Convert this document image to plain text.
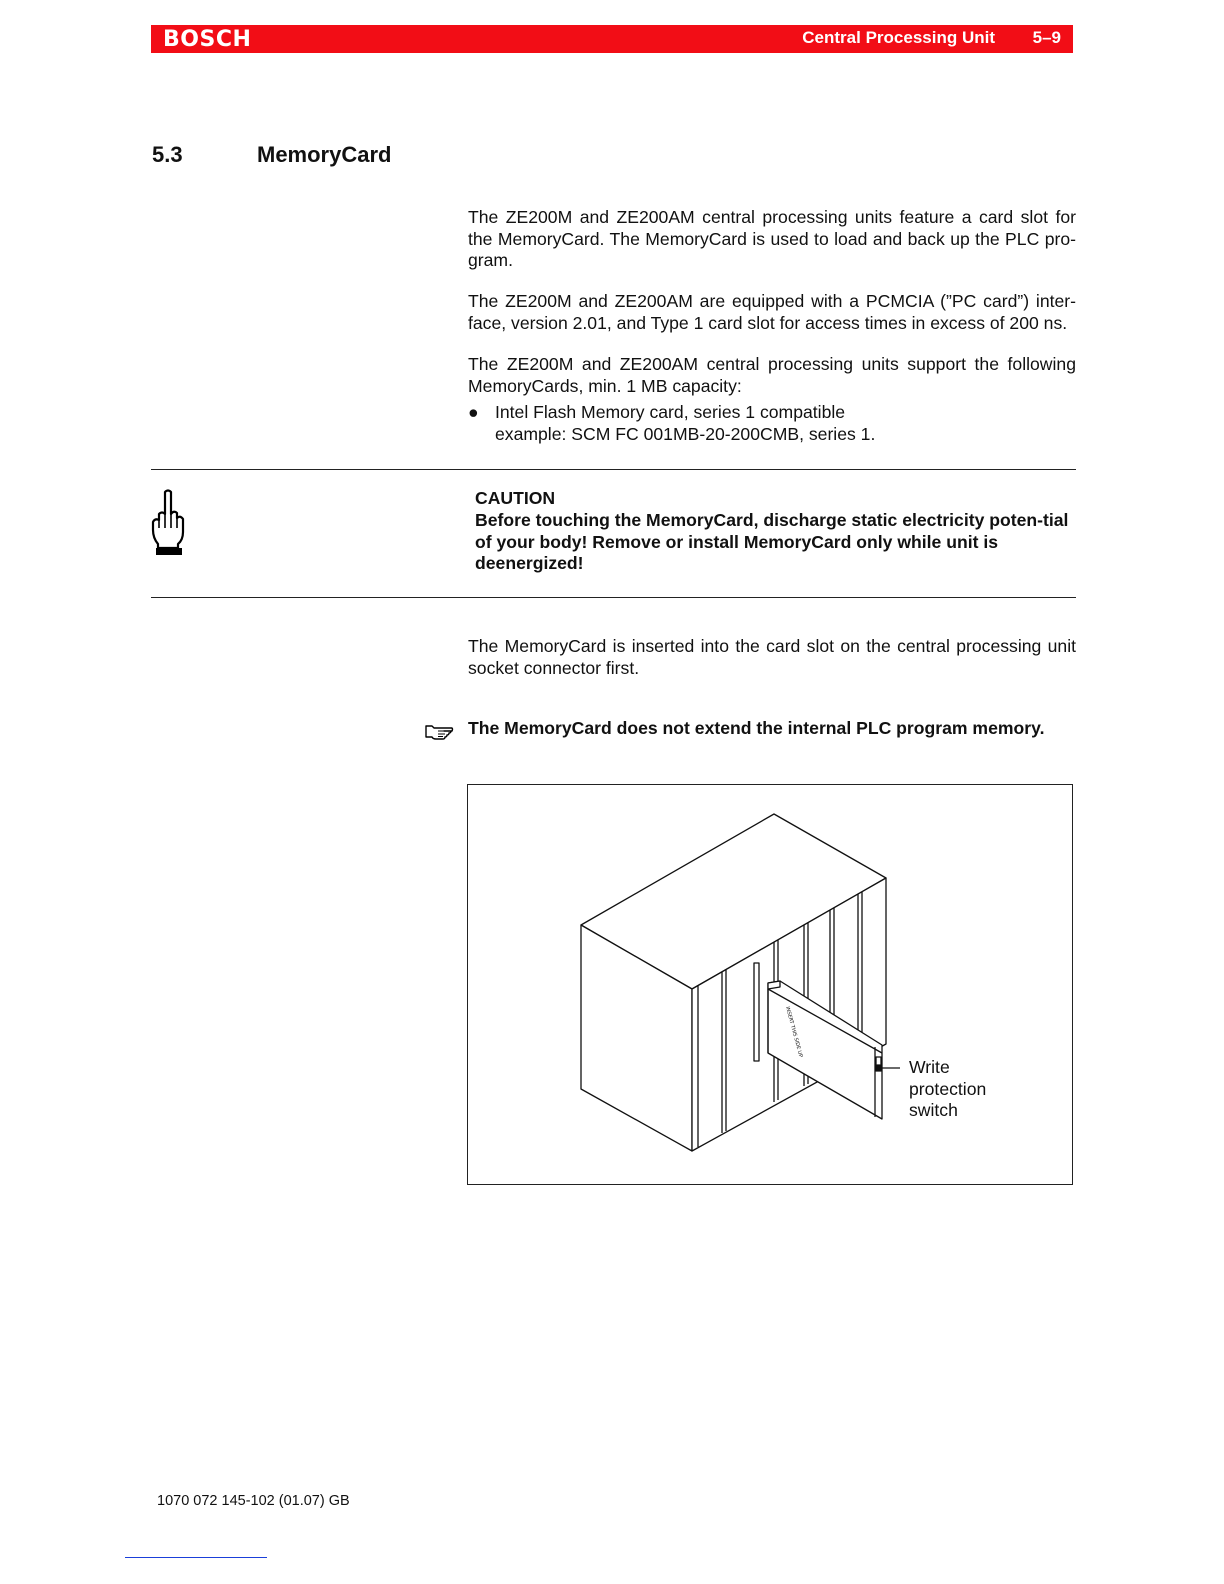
BOSCH	Central Processing Unit 5–9
5.3	MemoryCard

The ZE200M and ZE200AM central processing units feature a card slot for the MemoryCard. The MemoryCard is used to load and back up the PLC pro-gram.

The ZE200M and ZE200AM are equipped with a PCMCIA (”PC card”) inter-face, version 2.01, and Type 1 card slot for access times in excess of 200 ns.

The ZE200M and ZE200AM central processing units support the following MemoryCards, min. 1 MB capacity:

● Intel Flash Memory card, series 1 compatible
example: SCM FC 001MB-20-200CMB, series 1.
CAUTION

Before touching the MemoryCard, discharge static electricity poten-tial of your body! Remove or install MemoryCard only while unit is deenergized!

The MemoryCard is inserted into the card slot on the central processing unit socket connector first.

The MemoryCard does not extend the internal PLC program memory.
INSERT THIS SIDE UP
Write
protection
switch
1070 072 145-102 (01.07) GB
